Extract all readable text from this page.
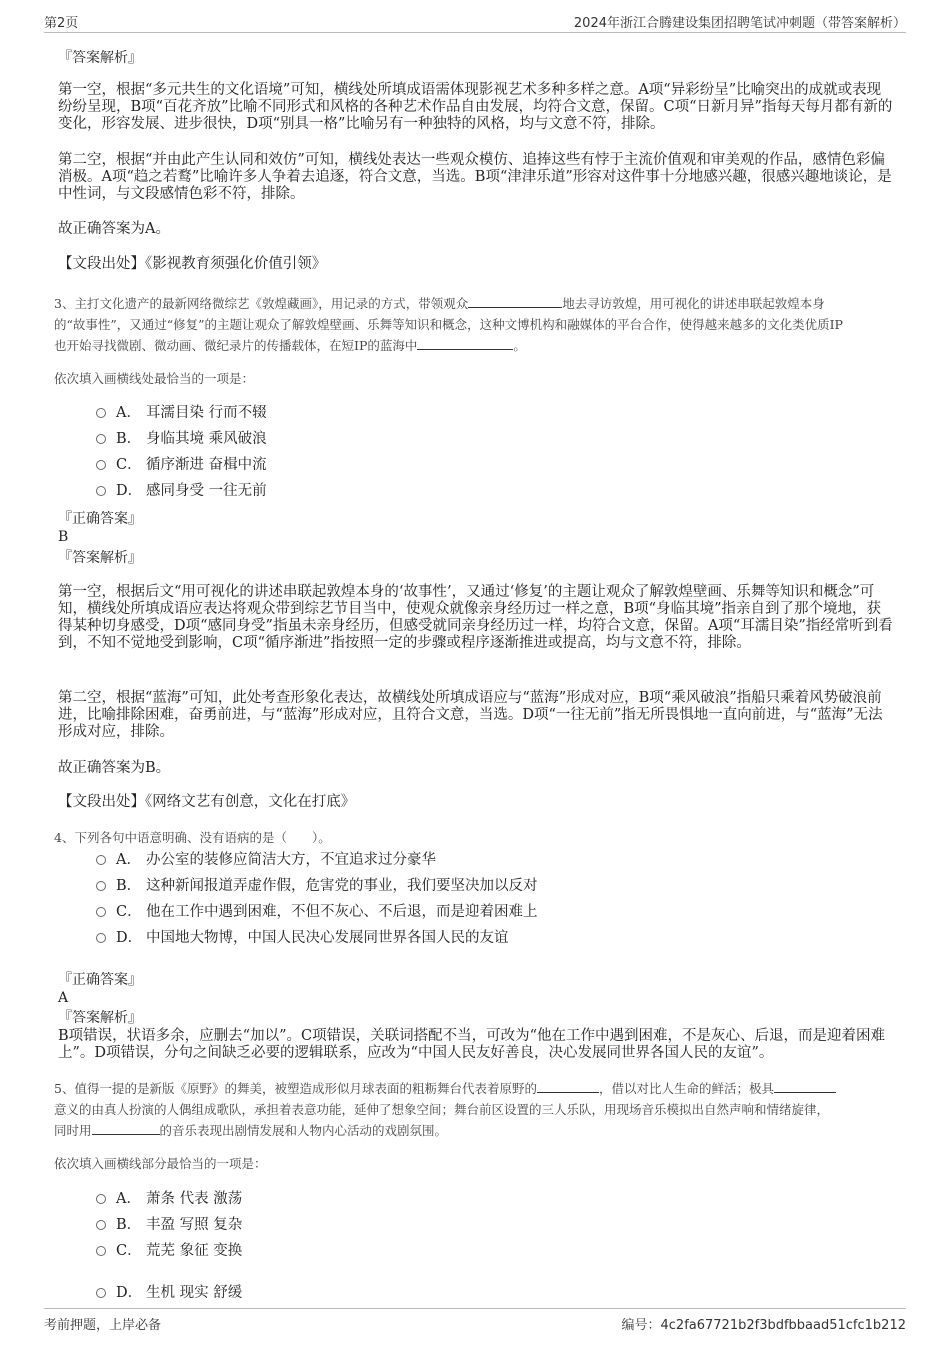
第2页	2024年浙江合腾建设集团招聘笔试冲刺题（带答案解析）
『答案解析』
第一空，根据“多元共生的文化语境”可知，横线处所填成语需体现影视艺术多种多样之意。A项“异彩纷呈”比喻突出的成就或表现纷纷呈现，B项“百花齐放”比喻不同形式和风格的各种艺术作品自由发展，均符合文意，保留。C项“日新月异”指每天每月都有新的变化，形容发展、进步很快，D项“别具一格”比喻另有一种独特的风格，均与文意不符，排除。
第二空，根据“并由此产生认同和效仿”可知，横线处表达一些观众模仿、追捧这些有悖于主流价值观和审美观的作品，感情色彩偏消极。A项“趋之若鹜”比喻许多人争着去追逐，符合文意，当选。B项“津津乐道”形容对这件事十分地感兴趣，很感兴趣地谈论，是中性词，与文段感情色彩不符，排除。
故正确答案为A。
【文段出处】《影视教育须强化价值引领》
3、主打文化遗产的最新网络微综艺《敦煌藏画》，用记录的方式，带领观众	地去寻访敦煌，用可视化的讲述串联起敦煌本身
的“故事性”，又通过“修复”的主题让观众了解敦煌壁画、乐舞等知识和概念，这种文博机构和融媒体的平台合作，使得越来越多的文化类优质IP
也开始寻找微剧、微动画、微纪录片的传播载体，在短IP的蓝海中	。
依次填入画横线处最恰当的一项是：
A． 耳濡目染 行而不辍
B． 身临其境 乘风破浪
C． 循序渐进 奋楫中流
D． 感同身受 一往无前
『正确答案』
B
『答案解析』
第一空，根据后文“用可视化的讲述串联起敦煌本身的‘故事性’，又通过‘修复’的主题让观众了解敦煌壁画、乐舞等知识和概念”可知，横线处所填成语应表达将观众带到综艺节目当中，使观众就像亲身经历过一样之意，B项“身临其境”指亲自到了那个境地，获得某种切身感受，D项“感同身受”指虽未亲身经历，但感受就同亲身经历过一样，均符合文意，保留。A项“耳濡目染”指经常听到看到，不知不觉地受到影响，C项“循序渐进”指按照一定的步骤或程序逐渐推进或提高，均与文意不符，排除。
第二空，根据“蓝海”可知，此处考查形象化表达，故横线处所填成语应与“蓝海”形成对应，B项“乘风破浪”指船只乘着风势破浪前进，比喻排除困难，奋勇前进，与“蓝海”形成对应，且符合文意，当选。D项“一往无前”指无所畏惧地一直向前进，与“蓝海”无法形成对应，排除。
故正确答案为B。
【文段出处】《网络文艺有创意，文化在打底》
4、下列各句中语意明确、没有语病的是（　　）。
A． 办公室的装修应简洁大方，不宜追求过分豪华
B． 这种新闻报道弄虚作假，危害党的事业，我们要坚决加以反对
C． 他在工作中遇到困难，不但不灰心、不后退，而是迎着困难上
D． 中国地大物博，中国人民决心发展同世界各国人民的友谊
『正确答案』
A
『答案解析』
B项错误，状语多余，应删去“加以”。C项错误，关联词搭配不当，可改为“他在工作中遇到困难，不是灰心、后退，而是迎着困难上”。D项错误，分句之间缺乏必要的逻辑联系，应改为“中国人民友好善良，决心发展同世界各国人民的友谊”。
5、值得一提的是新版《原野》的舞美，被塑造成形似月球表面的粗粝舞台代表着原野的	，借以对比人生命的鲜活；极具
意义的由真人扮演的人偶组成歌队，承担着表意功能，延伸了想象空间；舞台前区设置的三人乐队，用现场音乐模拟出自然声响和情绪旋律，
同时用	的音乐表现出剧情发展和人物内心活动的戏剧氛围。
依次填入画横线部分最恰当的一项是：
A． 萧条 代表 激荡
B． 丰盈 写照 复杂
C． 荒芜 象征 变换
D． 生机 现实 舒缓
考前押题，上岸必备	编号：4c2fa67721b2f3bdfbbaad51cfc1b212
